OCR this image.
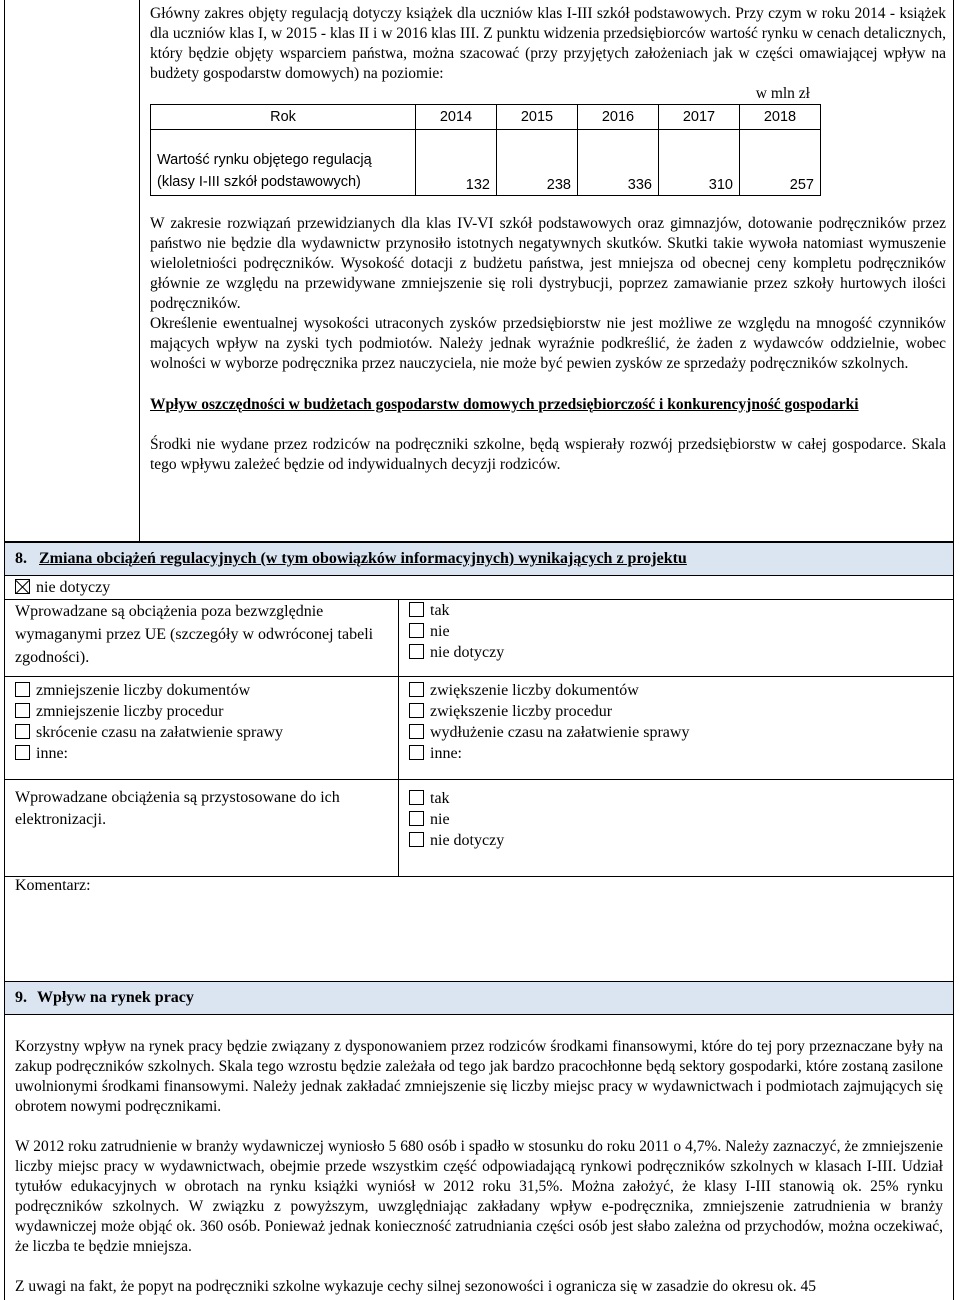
Główny zakres objęty regulacją dotyczy książek dla uczniów klas I-III szkół podstawowych. Przy czym w roku 2014 - książek dla uczniów klas I, w 2015 - klas II i w 2016 klas III. Z punktu widzenia przedsiębiorców wartość rynku w cenach detalicznych, który będzie objęty wsparciem państwa, można szacować (przy przyjętych założeniach jak w części omawiającej wpływ na budżety gospodarstw domowych) na poziomie:

w mln zł
Rok	2014	2015	2016	2017	2018
Wartość rynku objętego regulacją (klasy I-III szkół podstawowych)	132	238	336	310	257

W zakresie rozwiązań przewidzianych dla klas IV-VI szkół podstawowych oraz gimnazjów, dotowanie podręczników przez państwo nie będzie dla wydawnictw przynosiło istotnych negatywnych skutków. Skutki takie wywoła natomiast wymuszenie wieloletniości podręczników. Wysokość dotacji z budżetu państwa, jest mniejsza od obecnej ceny kompletu podręczników głównie ze względu na przewidywane zmniejszenie się roli dystrybucji, poprzez zamawianie przez szkoły hurtowych ilości podręczników.

Określenie ewentualnej wysokości utraconych zysków przedsiębiorstw nie jest możliwe ze względu na mnogość czynników mających wpływ na zyski tych podmiotów. Należy jednak wyraźnie podkreślić, że żaden z wydawców oddzielnie, wobec wolności w wyborze podręcznika przez nauczyciela, nie może być pewien zysków ze sprzedaży podręczników szkolnych.

Wpływ oszczędności w budżetach gospodarstw domowych przedsiębiorczość i konkurencyjność gospodarki

Środki nie wydane przez rodziców na podręczniki szkolne, będą wspierały rozwój przedsiębiorstw w całej gospodarce. Skala tego wpływu zależeć będzie od indywidualnych decyzji rodziców.

8. Zmiana obciążeń regulacyjnych (w tym obowiązków informacyjnych) wynikających z projektu
nie dotyczy
Wprowadzane są obciążenia poza bezwzględnie wymaganymi przez UE (szczegóły w odwróconej tabeli zgodności).
tak
nie
nie dotyczy
zmniejszenie liczby dokumentów
zmniejszenie liczby procedur
skrócenie czasu na załatwienie sprawy
inne:
zwiększenie liczby dokumentów
zwiększenie liczby procedur
wydłużenie czasu na załatwienie sprawy
inne:
Wprowadzane obciążenia są przystosowane do ich elektronizacji.
tak
nie
nie dotyczy
Komentarz:
9. Wpływ na rynek pracy

Korzystny wpływ na rynek pracy będzie związany z dysponowaniem przez rodziców środkami finansowymi, które do tej pory przeznaczane były na zakup podręczników szkolnych. Skala tego wzrostu będzie zależała od tego jak bardzo pracochłonne będą sektory gospodarki, które zostaną zasilone uwolnionymi środkami finansowymi. Należy jednak zakładać zmniejszenie się liczby miejsc pracy w wydawnictwach i podmiotach zajmujących się obrotem nowymi podręcznikami.

W 2012 roku zatrudnienie w branży wydawniczej wyniosło 5 680 osób i spadło w stosunku do roku 2011 o 4,7%. Należy zaznaczyć, że zmniejszenie liczby miejsc pracy w wydawnictwach, obejmie przede wszystkim część odpowiadającą rynkowi podręczników szkolnych w klasach I-III. Udział tytułów edukacyjnych w obrotach na rynku książki wyniósł w 2012 roku 31,5%. Można założyć, że klasy I-III stanowią ok. 25% rynku podręczników szkolnych. W związku z powyższym, uwzględniając zakładany wpływ e-podręcznika, zmniejszenie zatrudnienia w branży wydawniczej może objąć ok. 360 osób. Ponieważ jednak konieczność zatrudniania części osób jest słabo zależna od przychodów, można oczekiwać, że liczba te będzie mniejsza.

Z uwagi na fakt, że popyt na podręczniki szkolne wykazuje cechy silnej sezonowości i ogranicza się w zasadzie do okresu ok. 45
